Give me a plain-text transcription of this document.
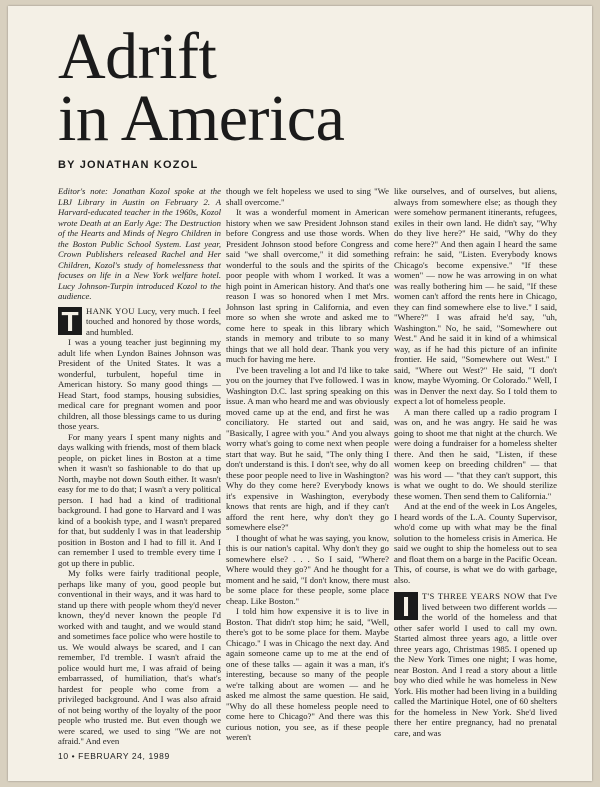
Adrift
in America
BY JONATHAN KOZOL

Editor's note: Jonathan Kozol spoke at the LBJ Library in Austin on February 2. A Harvard-educated teacher in the 1960s, Kozol wrote Death at an Early Age: The Destruction of the Hearts and Minds of Negro Children in the Boston Public School System. Last year, Crown Publishers released Rachel and Her Children, Kozol's study of homelessness that focuses on life in a New York welfare hotel. Lucy Johnson-Turpin introduced Kozol to the audience.

T HANK YOU Lucy, very much. I feel touched and honored by those words, and humbled.

I was a young teacher just beginning my adult life when Lyndon Baines Johnson was President of the United States. It was a wonderful, turbulent, hopeful time in American history. So many good things — Head Start, food stamps, housing subsidies, medical care for pregnant women and poor children, all those blessings came to us during those years.

For many years I spent many nights and days walking with friends, most of them black people, on picket lines in Boston at a time when it wasn't so fashionable to do that up North, maybe not down South either. It wasn't easy for me to do that; I wasn't a very political person. I had had a kind of traditional background. I had gone to Harvard and I was kind of a bookish type, and I wasn't prepared for that, but suddenly I was in that leadership position in Boston and I had to fill it. And I can remember I used to tremble every time I got up there in public.

My folks were fairly traditional people, perhaps like many of you, good people but conventional in their ways, and it was hard to stand up there with people whom they'd never known, they'd never known the people I'd worked with and taught, and we would stand and sometimes face police who were hostile to us. We would always be scared, and I can remember, I'd tremble. I wasn't afraid the police would hurt me, I was afraid of being embarrassed, of humiliation, that's what's hardest for people who come from a privileged background. And I was also afraid of not being worthy of the loyalty of the poor people who trusted me. But even though we were scared, we used to sing "We are not afraid." And even

though we felt hopeless we used to sing "We shall overcome."

It was a wonderful moment in American history when we saw President Johnson stand before Congress and use those words. When President Johnson stood before Congress and said "we shall overcome," it did something wonderful to the souls and the spirits of the poor people with whom I worked. It was a high point in American history. And that's one reason I was so honored when I met Mrs. Johnson last spring in California, and even more so when she wrote and asked me to come here to speak in this library which stands in memory and tribute to so many things that we all hold dear. Thank you very much for having me here.

I've been traveling a lot and I'd like to take you on the journey that I've followed. I was in Washington D.C. last spring speaking on this issue. A man who heard me and was obviously moved came up at the end, and first he was conciliatory. He started out and said, "Basically, I agree with you." And you always worry what's going to come next when people start that way. But he said, "The only thing I don't understand is this. I don't see, why do all these poor people need to live in Washington? Why do they come here? Everybody knows it's expensive in Washington, everybody knows that rents are high, and if they can't afford the rent here, why don't they go somewhere else?"

I thought of what he was saying, you know, this is our nation's capital. Why don't they go somewhere else? . . . So I said, "Where? Where would they go?" And he thought for a moment and he said, "I don't know, there must be some place for these people, some place cheap. Like Boston."

I told him how expensive it is to live in Boston. That didn't stop him; he said, "Well, there's got to be some place for them. Maybe Chicago." I was in Chicago the next day. And again someone came up to me at the end of one of these talks — again it was a man, it's interesting, because so many of the people we're talking about are women — and he asked me almost the same question. He said, "Why do all these homeless people need to come here to Chicago?" And there was this curious notion, you see, as if these people weren't

like ourselves, and of ourselves, but aliens, always from somewhere else; as though they were somehow permanent itinerants, refugees, exiles in their own land. He didn't say, "Why do they live here?" He said, "Why do they come here?" And then again I heard the same refrain: he said, "Listen. Everybody knows Chicago's become expensive." "If these women" — now he was arrowing in on what was really bothering him — he said, "If these women can't afford the rents here in Chicago, they can find somewhere else to live." I said, "Where?" I was afraid he'd say, "uh, Washington." No, he said, "Somewhere out West." And he said it in kind of a whimsical way, as if he had this picture of an infinite frontier. He said, "Somewhere out West." I said, "Where out West?" He said, "I don't know, maybe Wyoming. Or Colorado." Well, I was in Denver the next day. So I told them to expect a lot of homeless people.

A man there called up a radio program I was on, and he was angry. He said he was going to shoot me that night at the church. We were doing a fundraiser for a homeless shelter there. And then he said, "Listen, if these women keep on breeding children" — that was his word — "that they can't support, this is what we ought to do. We should sterilize these women. Then send them to California."

And at the end of the week in Los Angeles, I heard words of the L.A. County Supervisor, who'd come up with what may be the final solution to the homeless crisis in America. He said we ought to ship the homeless out to sea and float them on a barge in the Pacific Ocean. This, of course, is what we do with garbage, also.

I	T'S THREE YEARS NOW that I've lived between two different worlds — the world of the homeless and that other safer world I used to call my own. Started almost three years ago, a little over three years ago, Christmas 1985. I opened up the New York Times one night; I was home, near Boston. And I read a story about a little boy who died while he was homeless in New York. His mother had been living in a building called the Martinique Hotel, one of 60 shelters for the homeless in New York. She'd lived there her entire pregnancy, had no prenatal care, and was

10 • FEBRUARY 24, 1989
